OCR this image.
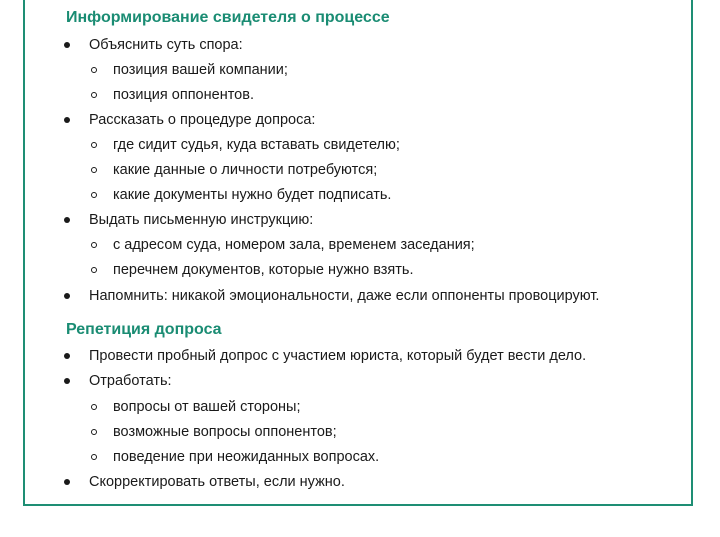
Информирование свидетеля о процессе
Объяснить суть спора:
позиция вашей компании;
позиция оппонентов.
Рассказать о процедуре допроса:
где сидит судья, куда вставать свидетелю;
какие данные о личности потребуются;
какие документы нужно будет подписать.
Выдать письменную инструкцию:
с адресом суда, номером зала, временем заседания;
перечнем документов, которые нужно взять.
Напомнить: никакой эмоциональности, даже если оппоненты провоцируют.
Репетиция допроса
Провести пробный допрос с участием юриста, который будет вести дело.
Отработать:
вопросы от вашей стороны;
возможные вопросы оппонентов;
поведение при неожиданных вопросах.
Скорректировать ответы, если нужно.
